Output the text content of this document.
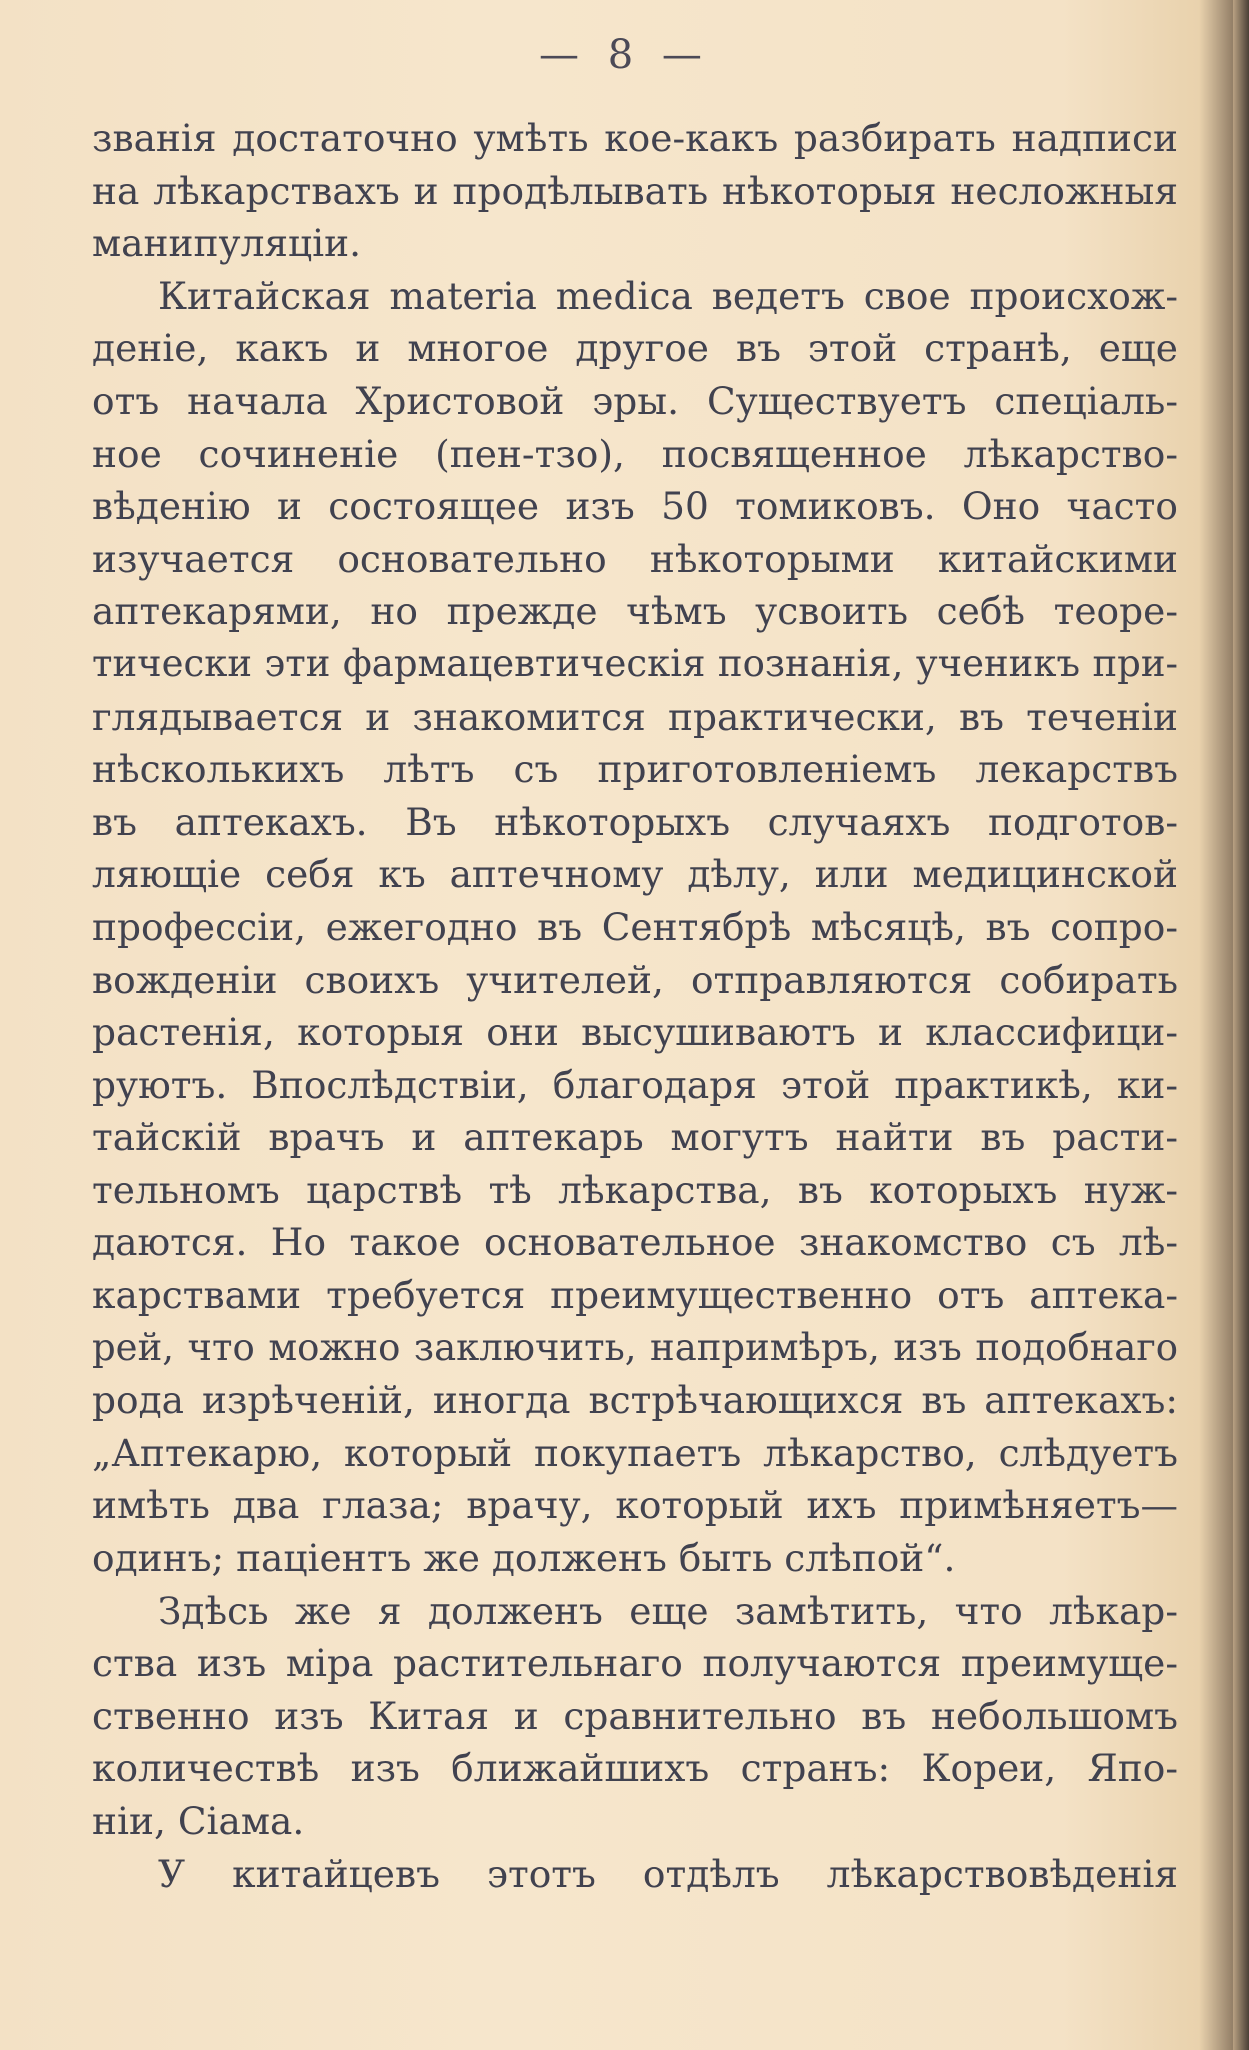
— 8 —
званія достаточно умѣть кое-какъ разбирать надписи
на лѣкарствахъ и продѣлывать нѣкоторыя несложныя
манипуляціи.
Китайская materia medica ведетъ свое происхож-
деніе, какъ и многое другое въ этой странѣ, еще
отъ начала Христовой эры. Существуетъ спеціаль-
ное сочиненіе (пен-тзо), посвященное лѣкарство-
вѣденію и состоящее изъ 50 томиковъ. Оно часто
изучается основательно нѣкоторыми китайскими
аптекарями, но прежде чѣмъ усвоить себѣ теоре-
тически эти фармацевтическія познанія, ученикъ при-
глядывается и знакомится практически, въ теченіи
нѣсколькихъ лѣтъ съ приготовленіемъ лекарствъ
въ аптекахъ. Въ нѣкоторыхъ случаяхъ подготов-
ляющіе себя къ аптечному дѣлу, или медицинской
профессіи, ежегодно въ Сентябрѣ мѣсяцѣ, въ сопро-
вожденіи своихъ учителей, отправляются собирать
растенія, которыя они высушиваютъ и классифици-
руютъ. Впослѣдствіи, благодаря этой практикѣ, ки-
тайскій врачъ и аптекарь могутъ найти въ расти-
тельномъ царствѣ тѣ лѣкарства, въ которыхъ нуж-
даются. Но такое основательное знакомство съ лѣ-
карствами требуется преимущественно отъ аптека-
рей, что можно заключить, напримѣръ, изъ подобнаго
рода изрѣченій, иногда встрѣчающихся въ аптекахъ:
„Аптекарю, который покупаетъ лѣкарство, слѣдуетъ
имѣть два глаза; врачу, который ихъ примѣняетъ—
одинъ; паціентъ же долженъ быть слѣпой“.
Здѣсь же я долженъ еще замѣтить, что лѣкар-
ства изъ міра растительнаго получаются преимуще-
ственно изъ Китая и сравнительно въ небольшомъ
количествѣ изъ ближайшихъ странъ: Кореи, Япо-
ніи, Сіама.
У китайцевъ этотъ отдѣлъ лѣкарствовѣденія
